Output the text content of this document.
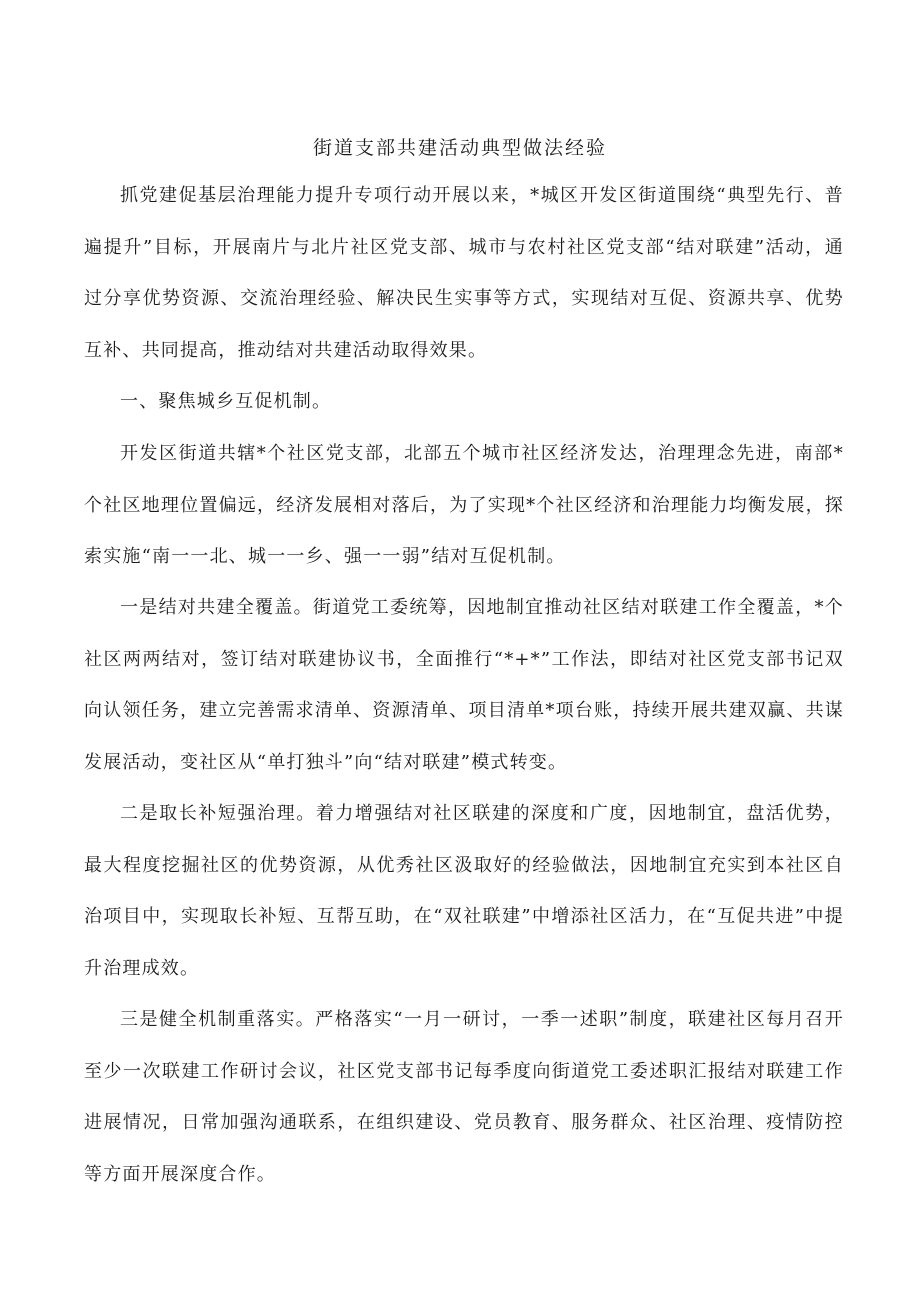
街道支部共建活动典型做法经验

抓党建促基层治理能力提升专项行动开展以来，*城区开发区街道围绕“典型先行、普遍提升”目标，开展南片与北片社区党支部、城市与农村社区党支部“结对联建”活动，通过分享优势资源、交流治理经验、解决民生实事等方式，实现结对互促、资源共享、优势互补、共同提高，推动结对共建活动取得效果。

一、聚焦城乡互促机制。

开发区街道共辖*个社区党支部，北部五个城市社区经济发达，治理理念先进，南部*个社区地理位置偏远，经济发展相对落后，为了实现*个社区经济和治理能力均衡发展，探索实施“南一一北、城一一乡、强一一弱”结对互促机制。

一是结对共建全覆盖。街道党工委统筹，因地制宜推动社区结对联建工作全覆盖，*个社区两两结对，签订结对联建协议书，全面推行“*+*”工作法，即结对社区党支部书记双向认领任务，建立完善需求清单、资源清单、项目清单*项台账，持续开展共建双赢、共谋发展活动，变社区从“单打独斗”向“结对联建”模式转变。

二是取长补短强治理。着力增强结对社区联建的深度和广度，因地制宜，盘活优势，最大程度挖掘社区的优势资源，从优秀社区汲取好的经验做法，因地制宜充实到本社区自治项目中，实现取长补短、互帮互助，在“双社联建”中增添社区活力，在“互促共进”中提升治理成效。

三是健全机制重落实。严格落实“一月一研讨，一季一述职”制度，联建社区每月召开至少一次联建工作研讨会议，社区党支部书记每季度向街道党工委述职汇报结对联建工作进展情况，日常加强沟通联系，在组织建设、党员教育、服务群众、社区治理、疫情防控等方面开展深度合作。
